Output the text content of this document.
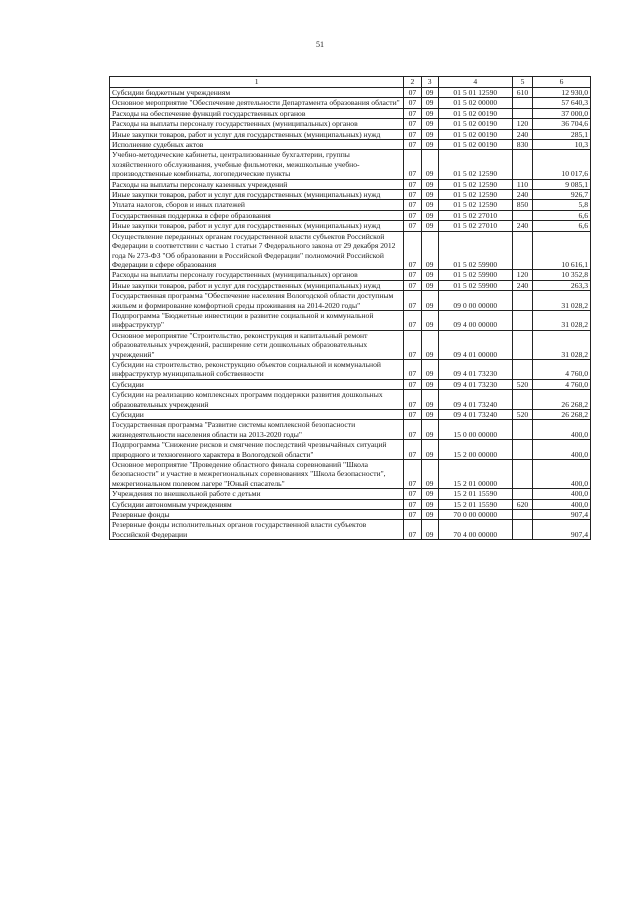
51
1	2	3	4	5	6
Субсидии бюджетным учреждениям	07	09	01 5 01 12590	610	12 930,0
Основное мероприятие "Обеспечение деятельности Департамента образования области"	07	09	01 5 02 00000		57 640,3
Расходы на обеспечение функций государственных органов	07	09	01 5 02 00190		37 000,0
Расходы на выплаты персоналу государственных (муниципальных) органов	07	09	01 5 02 00190	120	36 704,6
Иные закупки товаров, работ и услуг для государственных (муниципальных) нужд	07	09	01 5 02 00190	240	285,1
Исполнение судебных актов	07	09	01 5 02 00190	830	10,3
Учебно-методические кабинеты, централизованные бухгалтерии, группы хозяйственного обслуживания, учебные фильмотеки, межшкольные учебно-производственные комбинаты, логопедические пункты	07	09	01 5 02 12590		10 017,6
Расходы на выплаты персоналу казенных учреждений	07	09	01 5 02 12590	110	9 085,1
Иные закупки товаров, работ и услуг для государственных (муниципальных) нужд	07	09	01 5 02 12590	240	926,7
Уплата налогов, сборов и иных платежей	07	09	01 5 02 12590	850	5,8
Государственная поддержка в сфере образования	07	09	01 5 02 27010		6,6
Иные закупки товаров, работ и услуг для государственных (муниципальных) нужд	07	09	01 5 02 27010	240	6,6
Осуществление переданных органам государственной власти субъектов Российской Федерации в соответствии с частью 1 статьи 7 Федерального закона от 29 декабря 2012 года № 273-ФЗ "Об образовании в Российской Федерации" полномочий Российской Федерации в сфере образования	07	09	01 5 02 59900		10 616,1
Расходы на выплаты персоналу государственных (муниципальных) органов	07	09	01 5 02 59900	120	10 352,8
Иные закупки товаров, работ и услуг для государственных (муниципальных) нужд	07	09	01 5 02 59900	240	263,3
Государственная программа "Обеспечение населения Вологодской области доступным жильем и формирование комфортной среды проживания на 2014-2020 годы"	07	09	09 0 00 00000		31 028,2
Подпрограмма "Бюджетные инвестиции в развитие социальной и коммунальной инфраструктур"	07	09	09 4 00 00000		31 028,2
Основное мероприятие "Строительство, реконструкция и капитальный ремонт образовательных учреждений, расширение сети дошкольных образовательных учреждений"	07	09	09 4 01 00000		31 028,2
Субсидии на строительство, реконструкцию объектов социальной и коммунальной инфраструктур муниципальной собственности	07	09	09 4 01 73230		4 760,0
Субсидии	07	09	09 4 01 73230	520	4 760,0
Субсидии на реализацию комплексных программ поддержки развития дошкольных образовательных учреждений	07	09	09 4 01 73240		26 268,2
Субсидии	07	09	09 4 01 73240	520	26 268,2
Государственная программа "Развитие системы комплексной безопасности жизнедеятельности населения области на 2013-2020 годы"	07	09	15 0 00 00000		400,0
Подпрограмма "Снижение рисков и смягчение последствий чрезвычайных ситуаций природного и техногенного характера в Вологодской области"	07	09	15 2 00 00000		400,0
Основное мероприятие "Проведение областного финала соревнований "Школа безопасности" и участие в межрегиональных соревнованиях "Школа безопасности", межрегиональном полевом лагере "Юный спасатель"	07	09	15 2 01 00000		400,0
Учреждения по внешкольной работе с детьми	07	09	15 2 01 15590		400,0
Субсидии автономным учреждениям	07	09	15 2 01 15590	620	400,0
Резервные фонды	07	09	70 0 00 00000		907,4
Резервные фонды исполнительных органов государственной власти субъектов Российской Федерации	07	09	70 4 00 00000		907,4
